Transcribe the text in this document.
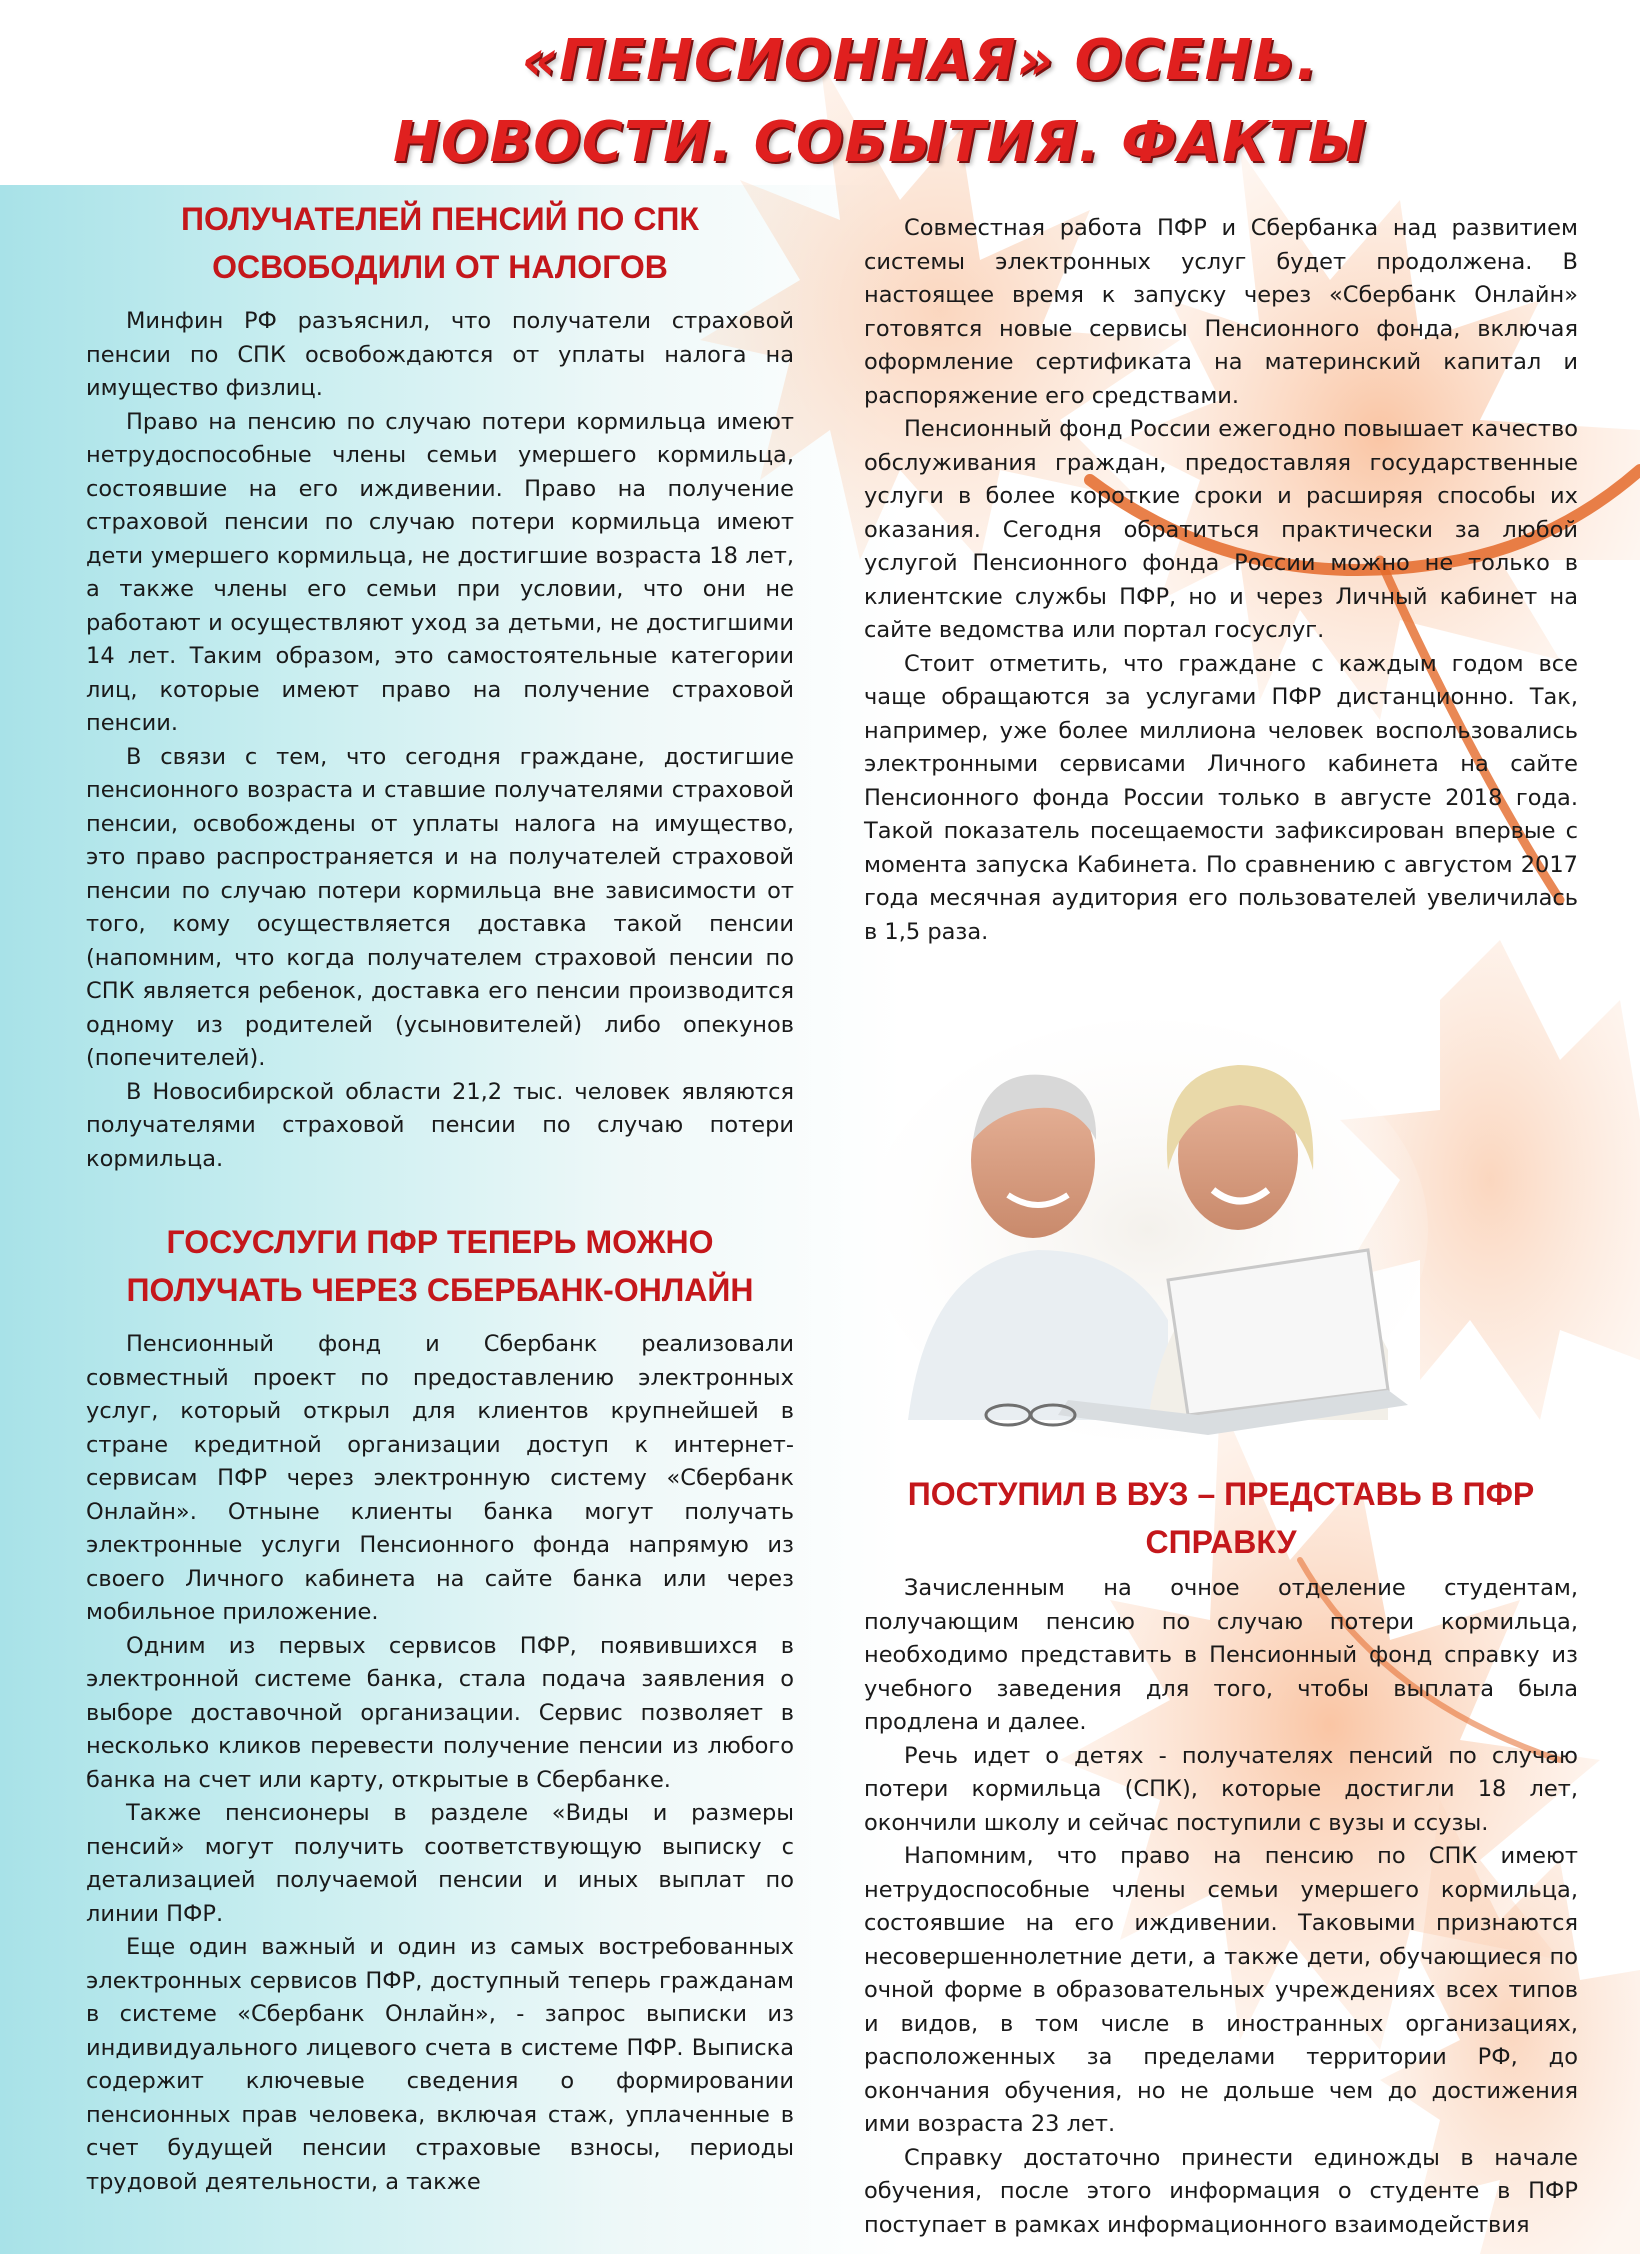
«ПЕНСИОННАЯ» ОСЕНЬ.
НОВОСТИ. СОБЫТИЯ. ФАКТЫ
ПОЛУЧАТЕЛЕЙ ПЕНСИЙ ПО СПК
ОСВОБОДИЛИ ОТ НАЛОГОВ

Минфин РФ разъяснил, что получатели страховой пенсии по СПК освобождаются от уплаты налога на имущество физлиц.

Право на пенсию по случаю потери кормильца имеют нетрудоспособные члены семьи умершего кормильца, состоявшие на его иждивении. Право на получение страховой пенсии по случаю потери кормильца имеют дети умершего кормильца, не достигшие возраста 18 лет, а также члены его семьи при условии, что они не работают и осуществляют уход за детьми, не достигшими 14 лет. Таким образом, это самостоятельные категории лиц, которые имеют право на получение страховой пенсии.

В связи с тем, что сегодня граждане, достигшие пенсионного возраста и ставшие получателями страховой пенсии, освобождены от уплаты налога на имущество, это право распространяется и на получателей страховой пенсии по случаю потери кормильца вне зависимости от того, кому осуществляется доставка такой пенсии (напомним, что когда получателем страховой пенсии по СПК является ребенок, доставка его пенсии производится одному из родителей (усыновителей) либо опекунов (попечителей).

В Новосибирской области 21,2 тыс. человек являются получателями страховой пенсии по случаю потери кормильца.

ГОСУСЛУГИ ПФР ТЕПЕРЬ МОЖНО
ПОЛУЧАТЬ ЧЕРЕЗ СБЕРБАНК-ОНЛАЙН

Пенсионный фонд и Сбербанк реализовали совместный проект по предоставлению электронных услуг, который открыл для клиентов крупнейшей в стране кредитной организации доступ к интернет-сервисам ПФР через электронную систему «Сбербанк Онлайн». Отныне клиенты банка могут получать электронные услуги Пенсионного фонда напрямую из своего Личного кабинета на сайте банка или через мобильное приложение.

Одним из первых сервисов ПФР, появившихся в электронной системе банка, стала подача заявления о выборе доставочной организации. Сервис позволяет в несколько кликов перевести получение пенсии из любого банка на счет или карту, открытые в Сбербанке.

Также пенсионеры в разделе «Виды и размеры пенсий» могут получить соответствующую выписку с детализацией получаемой пенсии и иных выплат по линии ПФР.

Еще один важный и один из самых востребованных электронных сервисов ПФР, доступный теперь гражданам в системе «Сбербанк Онлайн», - запрос выписки из индивидуального лицевого счета в системе ПФР. Выписка содержит ключевые сведения о формировании пенсионных прав человека, включая стаж, уплаченные в счет будущей пенсии страховые взносы, периоды трудовой деятельности, а также

Совместная работа ПФР и Сбербанка над развитием системы электронных услуг будет продолжена. В настоящее время к запуску через «Сбербанк Онлайн» готовятся новые сервисы Пенсионного фонда, включая оформление сертификата на материнский капитал и распоряжение его средствами.

Пенсионный фонд России ежегодно повышает качество обслуживания граждан, предоставляя государственные услуги в более короткие сроки и расширяя способы их оказания. Сегодня обратиться практически за любой услугой Пенсионного фонда России можно не только в клиентские службы ПФР, но и через Личный кабинет на сайте ведомства или портал госуслуг.

Стоит отметить, что граждане с каждым годом все чаще обращаются за услугами ПФР дистанционно. Так, например, уже более миллиона человек воспользовались электронными сервисами Личного кабинета на сайте Пенсионного фонда России только в августе 2018 года. Такой показатель посещаемости зафиксирован впервые с момента запуска Кабинета. По сравнению с августом 2017 года месячная аудитория его пользователей увеличилась в 1,5 раза.

ПОСТУПИЛ В ВУЗ – ПРЕДСТАВЬ В ПФР
СПРАВКУ

Зачисленным на очное отделение студентам, получающим пенсию по случаю потери кормильца, необходимо представить в Пенсионный фонд справку из учебного заведения для того, чтобы выплата была продлена и далее.

Речь идет о детях - получателях пенсий по случаю потери кормильца (СПК), которые достигли 18 лет, окончили школу и сейчас поступили с вузы и ссузы.

Напомним, что право на пенсию по СПК имеют нетрудоспособные члены семьи умершего кормильца, состоявшие на его иждивении. Таковыми признаются несовершеннолетние дети, а также дети, обучающиеся по очной форме в образовательных учреждениях всех типов и видов, в том числе в иностранных организациях, расположенных за пределами территории РФ, до окончания обучения, но не дольше чем до достижения ими возраста 23 лет.

Справку достаточно принести единожды в начале обучения, после этого информация о студенте в ПФР поступает в рамках информационного взаимодействия
